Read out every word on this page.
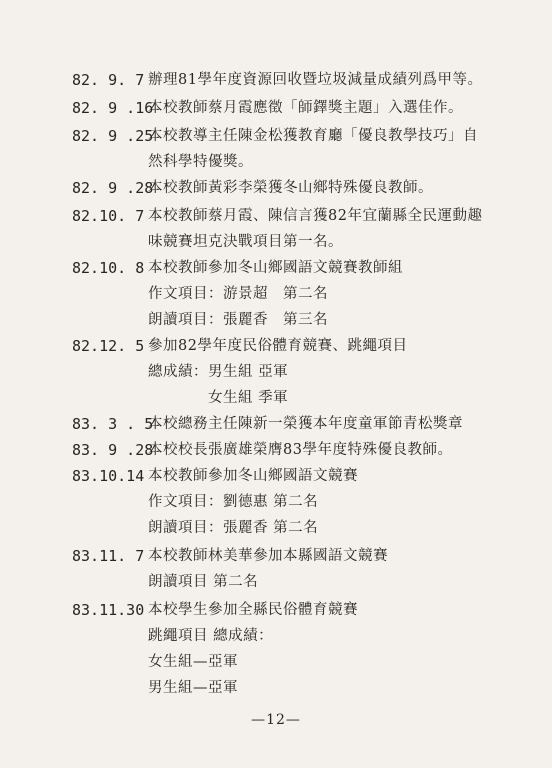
82. 9. 7 辦理81學年度資源回收暨垃圾減量成績列爲甲等。
82. 9 .16
本校教師蔡月霞應徵「師鐸獎主題」入選佳作。
82. 9 .25
本校教導主任陳金松獲教育廳「優良教學技巧」自
然科學特優獎。
82. 9 .28
本校教師黃彩李榮獲冬山鄉特殊優良教師。
82.10. 7 本校教師蔡月霞、陳信言獲82年宜蘭縣全民運動趣
味競賽坦克決戰項目第一名。
82.10. 8 本校教師參加冬山鄉國語文競賽教師組
作文項目：游景超　第二名
朗讀項目：張麗香　第三名
82.12. 5 參加82學年度民俗體育競賽、跳繩項目
總成績：男生組 亞軍
　　　　女生組 季軍
83. 3 . 5
本校總務主任陳新一榮獲本年度童軍節青松獎章
83. 9 .28
本校校長張廣雄榮膺83學年度特殊優良教師。
83.10.14 本校教師參加冬山鄉國語文競賽
作文項目：劉德惠 第二名
朗讀項目：張麗香 第二名
83.11. 7 本校教師林美華參加本縣國語文競賽
朗讀項目 第二名
83.11.30 本校學生參加全縣民俗體育競賽
跳繩項目 總成績：
女生組—亞軍
男生組—亞軍
—12—
